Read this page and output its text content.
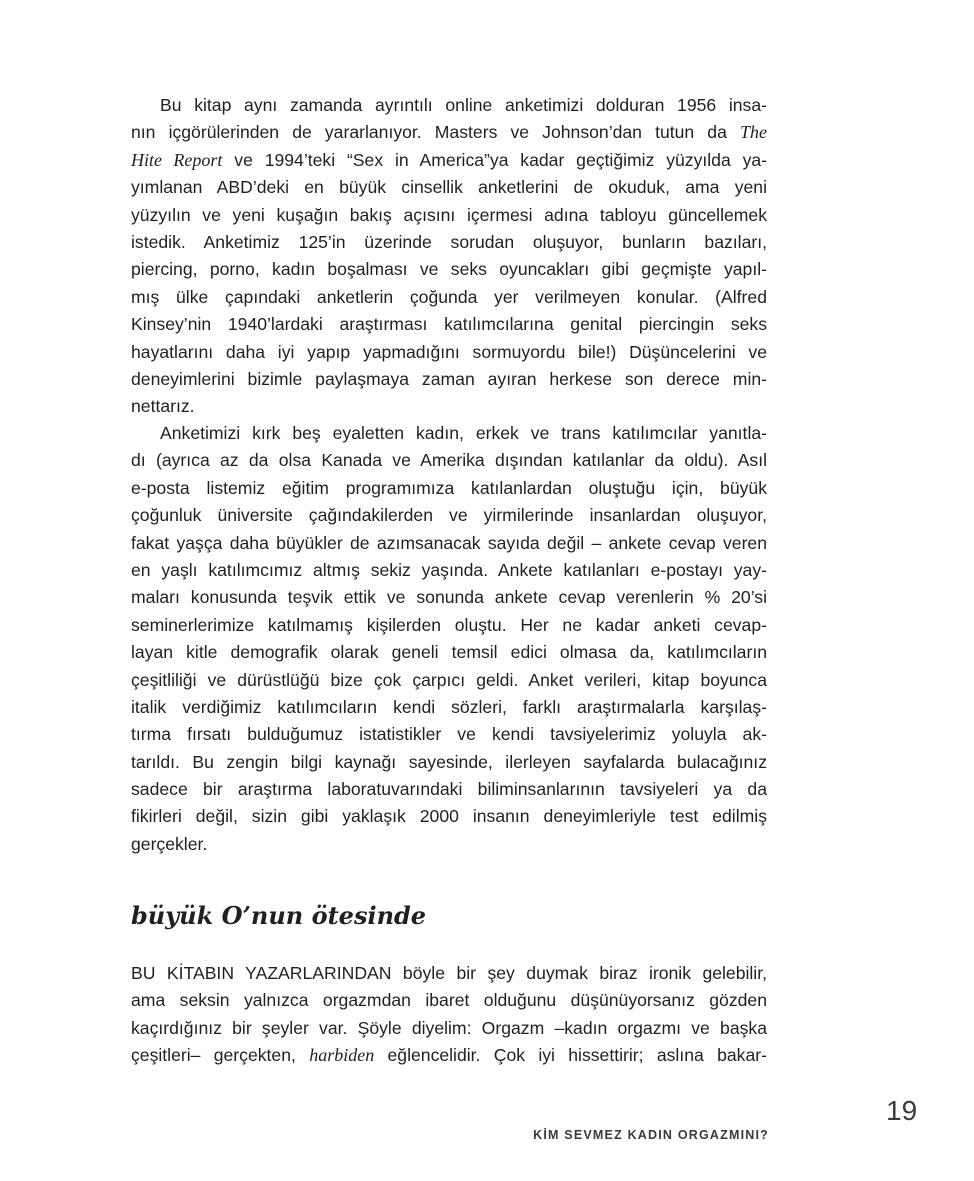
Bu kitap aynı zamanda ayrıntılı online anketimizi dolduran 1956 insa-
nın içgörülerinden de yararlanıyor. Masters ve Johnson’dan tutun da The
Hite Report ve 1994’teki “Sex in America”ya kadar geçtiğimiz yüzyılda ya-
yımlanan ABD’deki en büyük cinsellik anketlerini de okuduk, ama yeni
yüzyılın ve yeni kuşağın bakış açısını içermesi adına tabloyu güncellemek
istedik. Anketimiz 125’in üzerinde sorudan oluşuyor, bunların bazıları,
piercing, porno, kadın boşalması ve seks oyuncakları gibi geçmişte yapıl-
mış ülke çapındaki anketlerin çoğunda yer verilmeyen konular. (Alfred
Kinsey’nin 1940’lardaki araştırması katılımcılarına genital piercingin seks
hayatlarını daha iyi yapıp yapmadığını sormuyordu bile!) Düşüncelerini ve
deneyimlerini bizimle paylaşmaya zaman ayıran herkese son derece min-
nettarız.
Anketimizi kırk beş eyaletten kadın, erkek ve trans katılımcılar yanıtla-
dı (ayrıca az da olsa Kanada ve Amerika dışından katılanlar da oldu). Asıl
e-posta listemiz eğitim programımıza katılanlardan oluştuğu için, büyük
çoğunluk üniversite çağındakilerden ve yirmilerinde insanlardan oluşuyor,
fakat yaşça daha büyükler de azımsanacak sayıda değil – ankete cevap veren
en yaşlı katılımcımız altmış sekiz yaşında. Ankete katılanları e-postayı yay-
maları konusunda teşvik ettik ve sonunda ankete cevap verenlerin % 20’si
seminerlerimize katılmamış kişilerden oluştu. Her ne kadar anketi cevap-
layan kitle demografik olarak geneli temsil edici olmasa da, katılımcıların
çeşitliliği ve dürüstlüğü bize çok çarpıcı geldi. Anket verileri, kitap boyunca
italik verdiğimiz katılımcıların kendi sözleri, farklı araştırmalarla karşılaş-
tırma fırsatı bulduğumuz istatistikler ve kendi tavsiyelerimiz yoluyla ak-
tarıldı. Bu zengin bilgi kaynağı sayesinde, ilerleyen sayfalarda bulacağınız
sadece bir araştırma laboratuvarındaki biliminsanlarının tavsiyeleri ya da
fikirleri değil, sizin gibi yaklaşık 2000 insanın deneyimleriyle test edilmiş
gerçekler.
büyük O’nun ötesinde
BU KİTABIN YAZARLARINDAN böyle bir şey duymak biraz ironik gelebilir,
ama seksin yalnızca orgazmdan ibaret olduğunu düşünüyorsanız gözden
kaçırdığınız bir şeyler var. Şöyle diyelim: Orgazm –kadın orgazmı ve başka
çeşitleri– gerçekten, harbiden eğlencelidir. Çok iyi hissettirir; aslına bakar-
KİM SEVMEZ KADIN ORGAZMINI?
19
